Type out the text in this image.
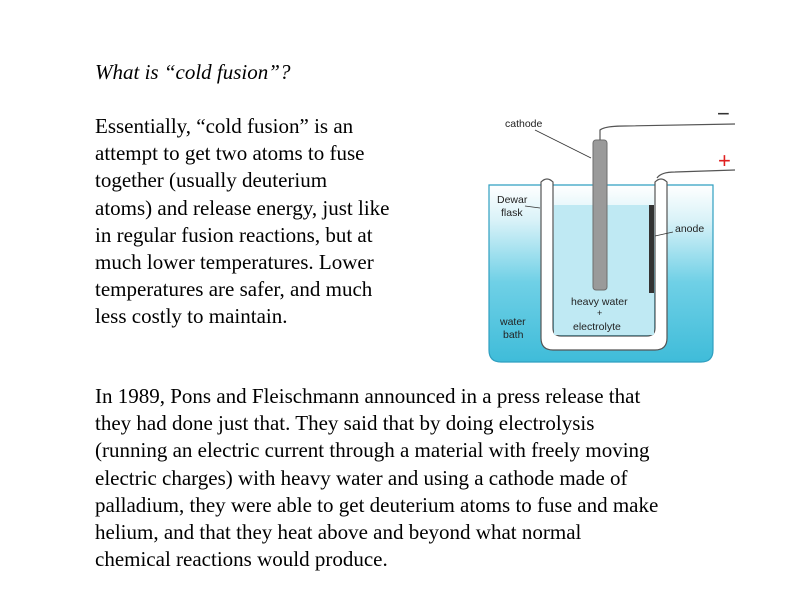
What is “cold fusion”?
Essentially, “cold fusion” is an
attempt to get two atoms to fuse
together (usually deuterium
atoms) and release energy, just like
in regular fusion reactions, but at
much lower temperatures. Lower
temperatures are safer, and much
less costly to maintain.
−
+
cathode
Dewar
flask
anode
heavy water
+
electrolyte
water
bath
In 1989, Pons and Fleischmann announced in a press release that
they had done just that. They said that by doing electrolysis
(running an electric current through a material with freely moving
electric charges) with heavy water and using a cathode made of
palladium, they were able to get deuterium atoms to fuse and make
helium, and that they heat above and beyond what normal
chemical reactions would produce.
